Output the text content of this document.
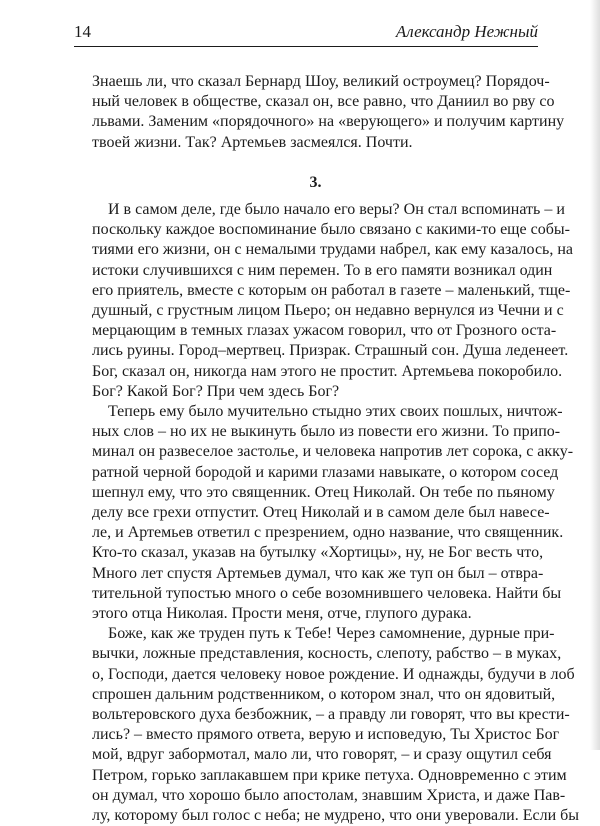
14	Александр Нежный
Знаешь ли, что сказал Бернард Шоу, великий остроумец? Порядоч-
ный человек в обществе, сказал он, все равно, что Даниил во рву со
львами. Заменим «порядочного» на «верующего» и получим картину
твоей жизни. Так? Артемьев засмеялся. Почти.
3.
И в самом деле, где было начало его веры? Он стал вспоминать – и
поскольку каждое воспоминание было связано с какими-то еще собы-
тиями его жизни, он с немалыми трудами набрел, как ему казалось, на
истоки случившихся с ним перемен. То в его памяти возникал один
его приятель, вместе с которым он работал в газете – маленький, тще-
душный, с грустным лицом Пьеро; он недавно вернулся из Чечни и с
мерцающим в темных глазах ужасом говорил, что от Грозного оста-
лись руины. Город–мертвец. Призрак. Страшный сон. Душа леденеет.
Бог, сказал он, никогда нам этого не простит. Артемьева покоробило.
Бог? Какой Бог? При чем здесь Бог?
Теперь ему было мучительно стыдно этих своих пошлых, ничтож-
ных слов – но их не выкинуть было из повести его жизни. То припо-
минал он развеселое застолье, и человека напротив лет сорока, с акку-
ратной черной бородой и карими глазами навыкате, о котором сосед
шепнул ему, что это священник. Отец Николай. Он тебе по пьяному
делу все грехи отпустит. Отец Николай и в самом деле был навесе-
ле, и Артемьев ответил с презрением, одно название, что священник.
Кто-то сказал, указав на бутылку «Хортицы», ну, не Бог весть что,
Много лет спустя Артемьев думал, что как же туп он был – отвра-
тительной тупостью много о себе возомнившего человека. Найти бы
этого отца Николая. Прости меня, отче, глупого дурака.
Боже, как же труден путь к Тебе! Через самомнение, дурные при-
вычки, ложные представления, косность, слепоту, рабство – в муках,
о, Господи, дается человеку новое рождение. И однажды, будучи в лоб
спрошен дальним родственником, о котором знал, что он ядовитый,
вольтеровского духа безбожник, – а правду ли говорят, что вы крести-
лись? – вместо прямого ответа, верую и исповедую, Ты Христос Бог
мой, вдруг забормотал, мало ли, что говорят, – и сразу ощутил себя
Петром, горько заплакавшем при крике петуха. Одновременно с этим
он думал, что хорошо было апостолам, знавшим Христа, и даже Пав-
лу, которому был голос с неба; не мудрено, что они уверовали. Если бы
